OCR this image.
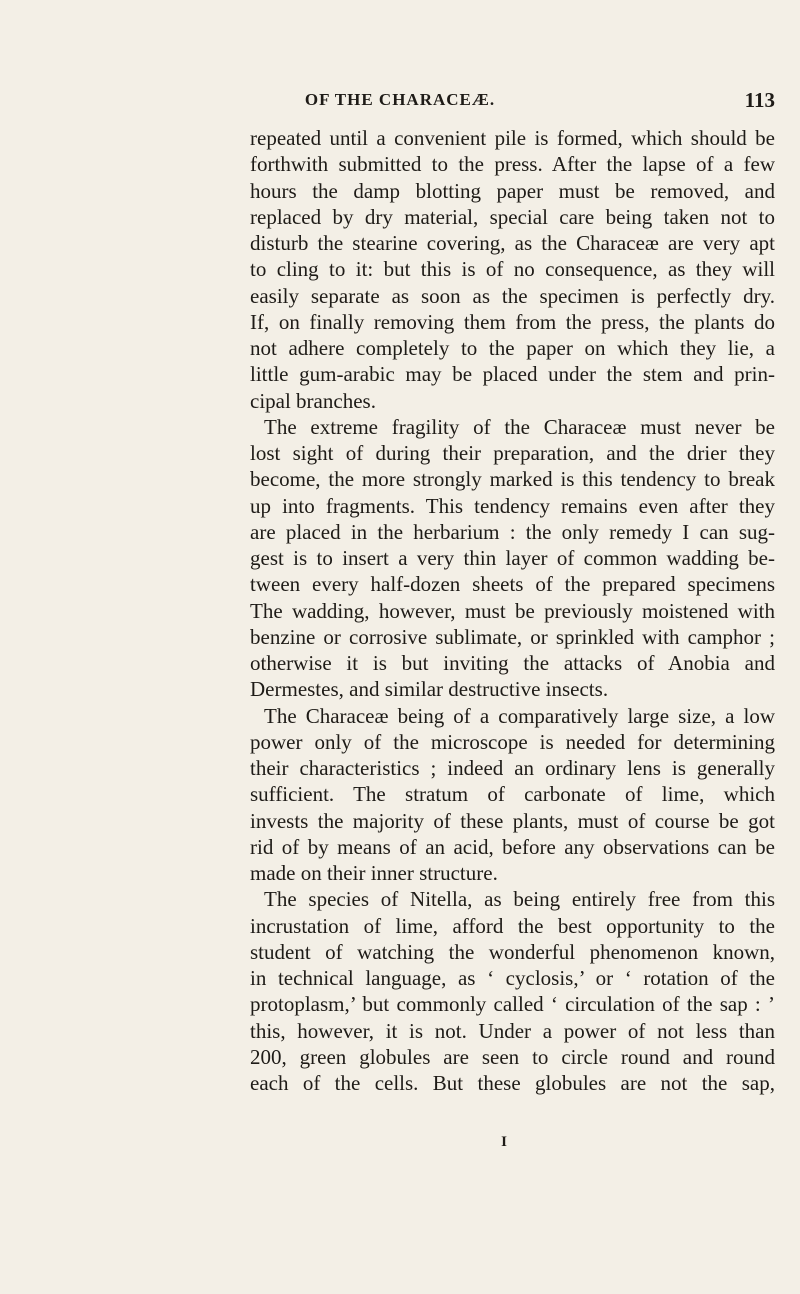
OF THE CHARACEÆ.	113
repeated until a convenient pile is formed, which should be
forthwith submitted to the press. After the lapse of a few
hours the damp blotting paper must be removed, and
replaced by dry material, special care being taken not to
disturb the stearine covering, as the Characeæ are very apt
to cling to it: but this is of no consequence, as they will
easily separate as soon as the specimen is perfectly dry.
If, on finally removing them from the press, the plants do
not adhere completely to the paper on which they lie, a
little gum-arabic may be placed under the stem and prin-
cipal branches.
The extreme fragility of the Characeæ must never be
lost sight of during their preparation, and the drier they
become, the more strongly marked is this tendency to break
up into fragments. This tendency remains even after they
are placed in the herbarium : the only remedy I can sug-
gest is to insert a very thin layer of common wadding be-
tween every half-dozen sheets of the prepared specimens
The wadding, however, must be previously moistened with
benzine or corrosive sublimate, or sprinkled with camphor ;
otherwise it is but inviting the attacks of Anobia and
Dermestes, and similar destructive insects.
The Characeæ being of a comparatively large size, a low
power only of the microscope is needed for determining
their characteristics ; indeed an ordinary lens is generally
sufficient. The stratum of carbonate of lime, which
invests the majority of these plants, must of course be got
rid of by means of an acid, before any observations can be
made on their inner structure.
The species of Nitella, as being entirely free from this
incrustation of lime, afford the best opportunity to the
student of watching the wonderful phenomenon known,
in technical language, as ‘ cyclosis,’ or ‘ rotation of the
protoplasm,’ but commonly called ‘ circulation of the sap : ’
this, however, it is not. Under a power of not less than
200, green globules are seen to circle round and round
each of the cells. But these globules are not the sap,
I
